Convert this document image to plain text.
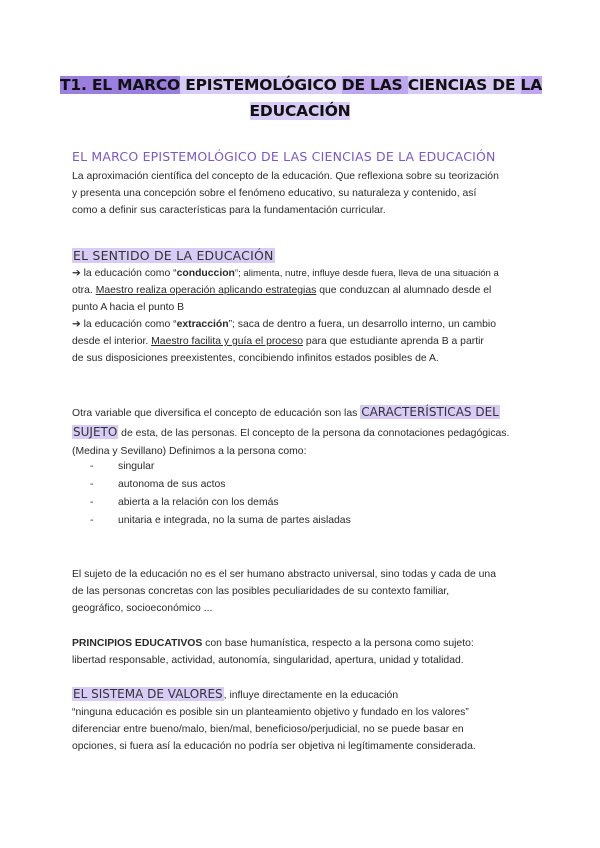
T1. EL MARCO EPISTEMOLÓGICO DE LAS CIENCIAS DE LA
EDUCACIÓN
EL MARCO EPISTEMOLÓGICO DE LAS CIENCIAS DE LA EDUCACIÓN
La aproximación científica del concepto de la educación. Que reflexiona sobre su teorización
y presenta una concepción sobre el fenómeno educativo, su naturaleza y contenido, así
como a definir sus características para la fundamentación curricular.
EL SENTIDO DE LA EDUCACIÓN
➔ la educación como “conduccion”; alimenta, nutre, influye desde fuera, lleva de una situación a
otra. Maestro realiza operación aplicando estrategias que conduzcan al alumnado desde el
punto A hacia el punto B
➔ la educación como “extracción”; saca de dentro a fuera, un desarrollo interno, un cambio
desde el interior. Maestro facilita y guía el proceso para que estudiante aprenda B a partir
de sus disposiciones preexistentes, concibiendo infinitos estados posibles de A.
Otra variable que diversifica el concepto de educación son las CARACTERÍSTICAS DEL
SUJETO de esta, de las personas. El concepto de la persona da connotaciones pedagógicas.
(Medina y Sevillano) Definimos a la persona como:
- singular
- autonoma de sus actos
- abierta a la relación con los demás
- unitaria e integrada, no la suma de partes aisladas
El sujeto de la educación no es el ser humano abstracto universal, sino todas y cada de una
de las personas concretas con las posibles peculiaridades de su contexto familiar,
geográfico, socioeconómico ...
PRINCIPIOS EDUCATIVOS con base humanística, respecto a la persona como sujeto:
libertad responsable, actividad, autonomía, singularidad, apertura, unidad y totalidad.
EL SISTEMA DE VALORES, influye directamente en la educación
“ninguna educación es posible sin un planteamiento objetivo y fundado en los valores”
diferenciar entre bueno/malo, bien/mal, beneficioso/perjudicial, no se puede basar en
opciones, si fuera así la educación no podría ser objetiva ni legítimamente considerada.
